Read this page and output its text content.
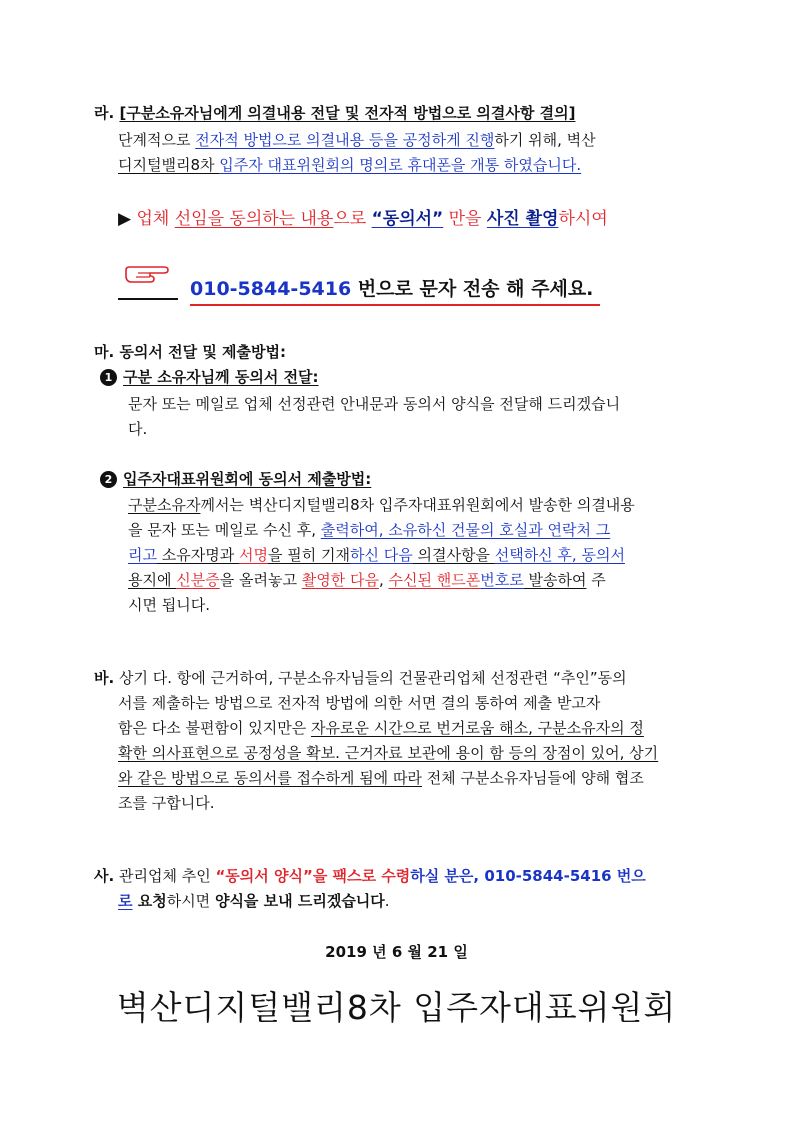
라. [구분소유자님에게 의결내용 전달 및 전자적 방법으로 의결사항 결의]
단계적으로 전자적 방법으로 의결내용 등을 공정하게 진행하기 위해, 벽산
디지털밸리8차 입주자 대표위원회의 명의로 휴대폰을 개통 하였습니다.
▶ 업체 선임을 동의하는 내용으로 “동의서” 만을 사진 촬영하시여
010-5844-5416 번으로 문자 전송 해 주세요.
마. 동의서 전달 및 제출방법:
1 구분 소유자님께 동의서 전달:
문자 또는 메일로 업체 선정관련 안내문과 동의서 양식을 전달해 드리겠습니
다.
2 입주자대표위원회에 동의서 제출방법:
구분소유자께서는 벽산디지털밸리8차 입주자대표위원회에서 발송한 의결내용
을 문자 또는 메일로 수신 후, 출력하여, 소유하신 건물의 호실과 연락처 그
리고 소유자명과 서명을 필히 기재하신 다음 의결사항을 선택하신 후, 동의서
용지에 신분증을 올려놓고 촬영한 다음, 수신된 핸드폰번호로 발송하여 주
시면 됩니다.
바. 상기 다. 항에 근거하여, 구분소유자님들의 건물관리업체 선정관련 “추인”동의
서를 제출하는 방법으로 전자적 방법에 의한 서면 결의 통하여 제출 받고자
함은 다소 불편함이 있지만은 자유로운 시간으로 번거로움 해소, 구분소유자의 정
확한 의사표현으로 공정성을 확보. 근거자료 보관에 용이 함 등의 장점이 있어, 상기
와 같은 방법으로 동의서를 접수하게 됨에 따라 전체 구분소유자님들에 양해 협조
조를 구합니다.
사. 관리업체 추인 “동의서 양식”을 팩스로 수령하실 분은, 010-5844-5416 번으
로 요청하시면 양식을 보내 드리겠습니다.
2019 년 6 월 21 일
벽산디지털밸리8차 입주자대표위원회
